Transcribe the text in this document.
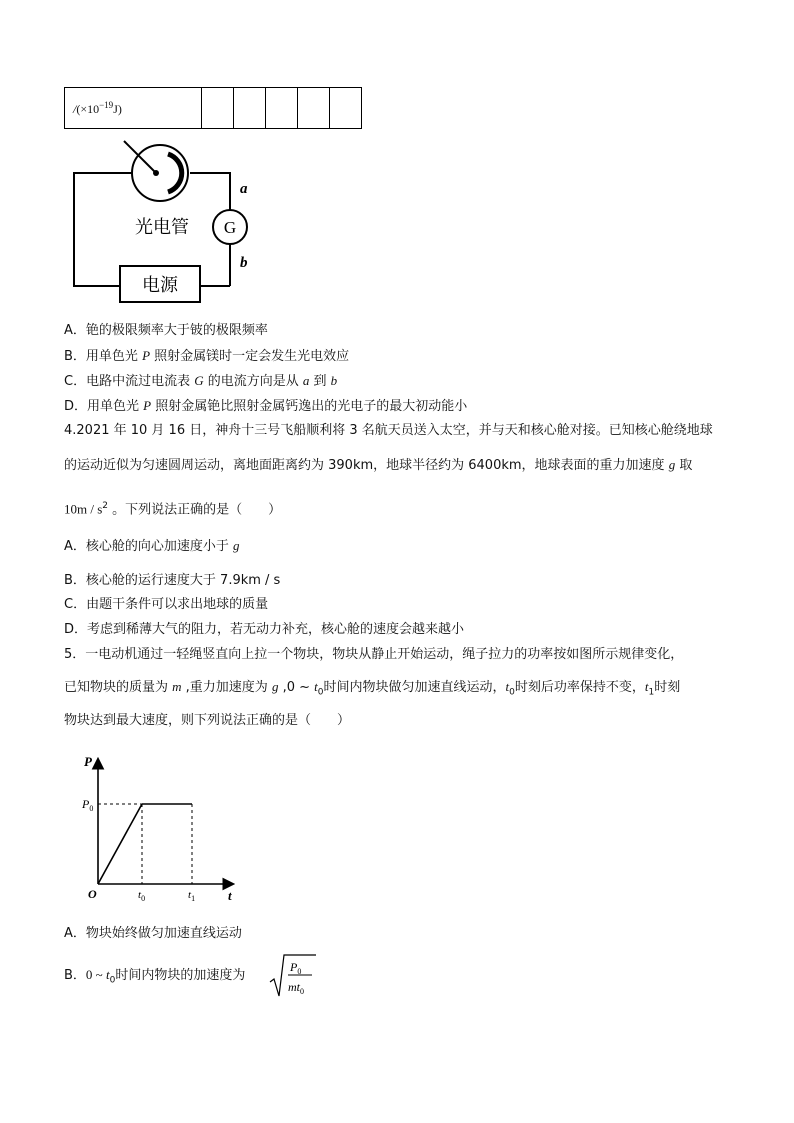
$/(\times 10^{-19}J)$					
G
a
b
光电管
电源
A．铯的极限频率大于铍的极限频率
B．用单色光 P 照射金属镁时一定会发生光电效应
C．电路中流过电流表 G 的电流方向是从 a 到 b
D．用单色光 P 照射金属铯比照射金属钙逸出的光电子的最大初动能小
4.2021 年 10 月 16 日，神舟十三号飞船顺利将 3 名航天员送入太空，并与天和核心舱对接。已知核心舱绕地球
的运动近似为匀速圆周运动，离地面距离约为 390km，地球半径约为 6400km，地球表面的重力加速度 g 取
$10m / s^2$ 。下列说法正确的是（　　）
A．核心舱的向心加速度小于 g
B．核心舱的运行速度大于 7.9km / s
C．由题干条件可以求出地球的质量
D．考虑到稀薄大气的阻力，若无动力补充，核心舱的速度会越来越小
5．一电动机通过一轻绳竖直向上拉一个物块，物块从静止开始运动，绳子拉力的功率按如图所示规律变化，
已知物块的质量为 m ,重力加速度为 g ,0 ~ $t_0$时间内物块做匀加速直线运动，$t_0$时刻后功率保持不变，$t_1$时刻
物块达到最大速度，则下列说法正确的是（　　）
P
t
O
$P_0$
$t_0$	$t_1$
A．物块始终做匀加速直线运动
B．0 ~ $t_0$时间内物块的加速度为
$P_0$
$mt_0$
